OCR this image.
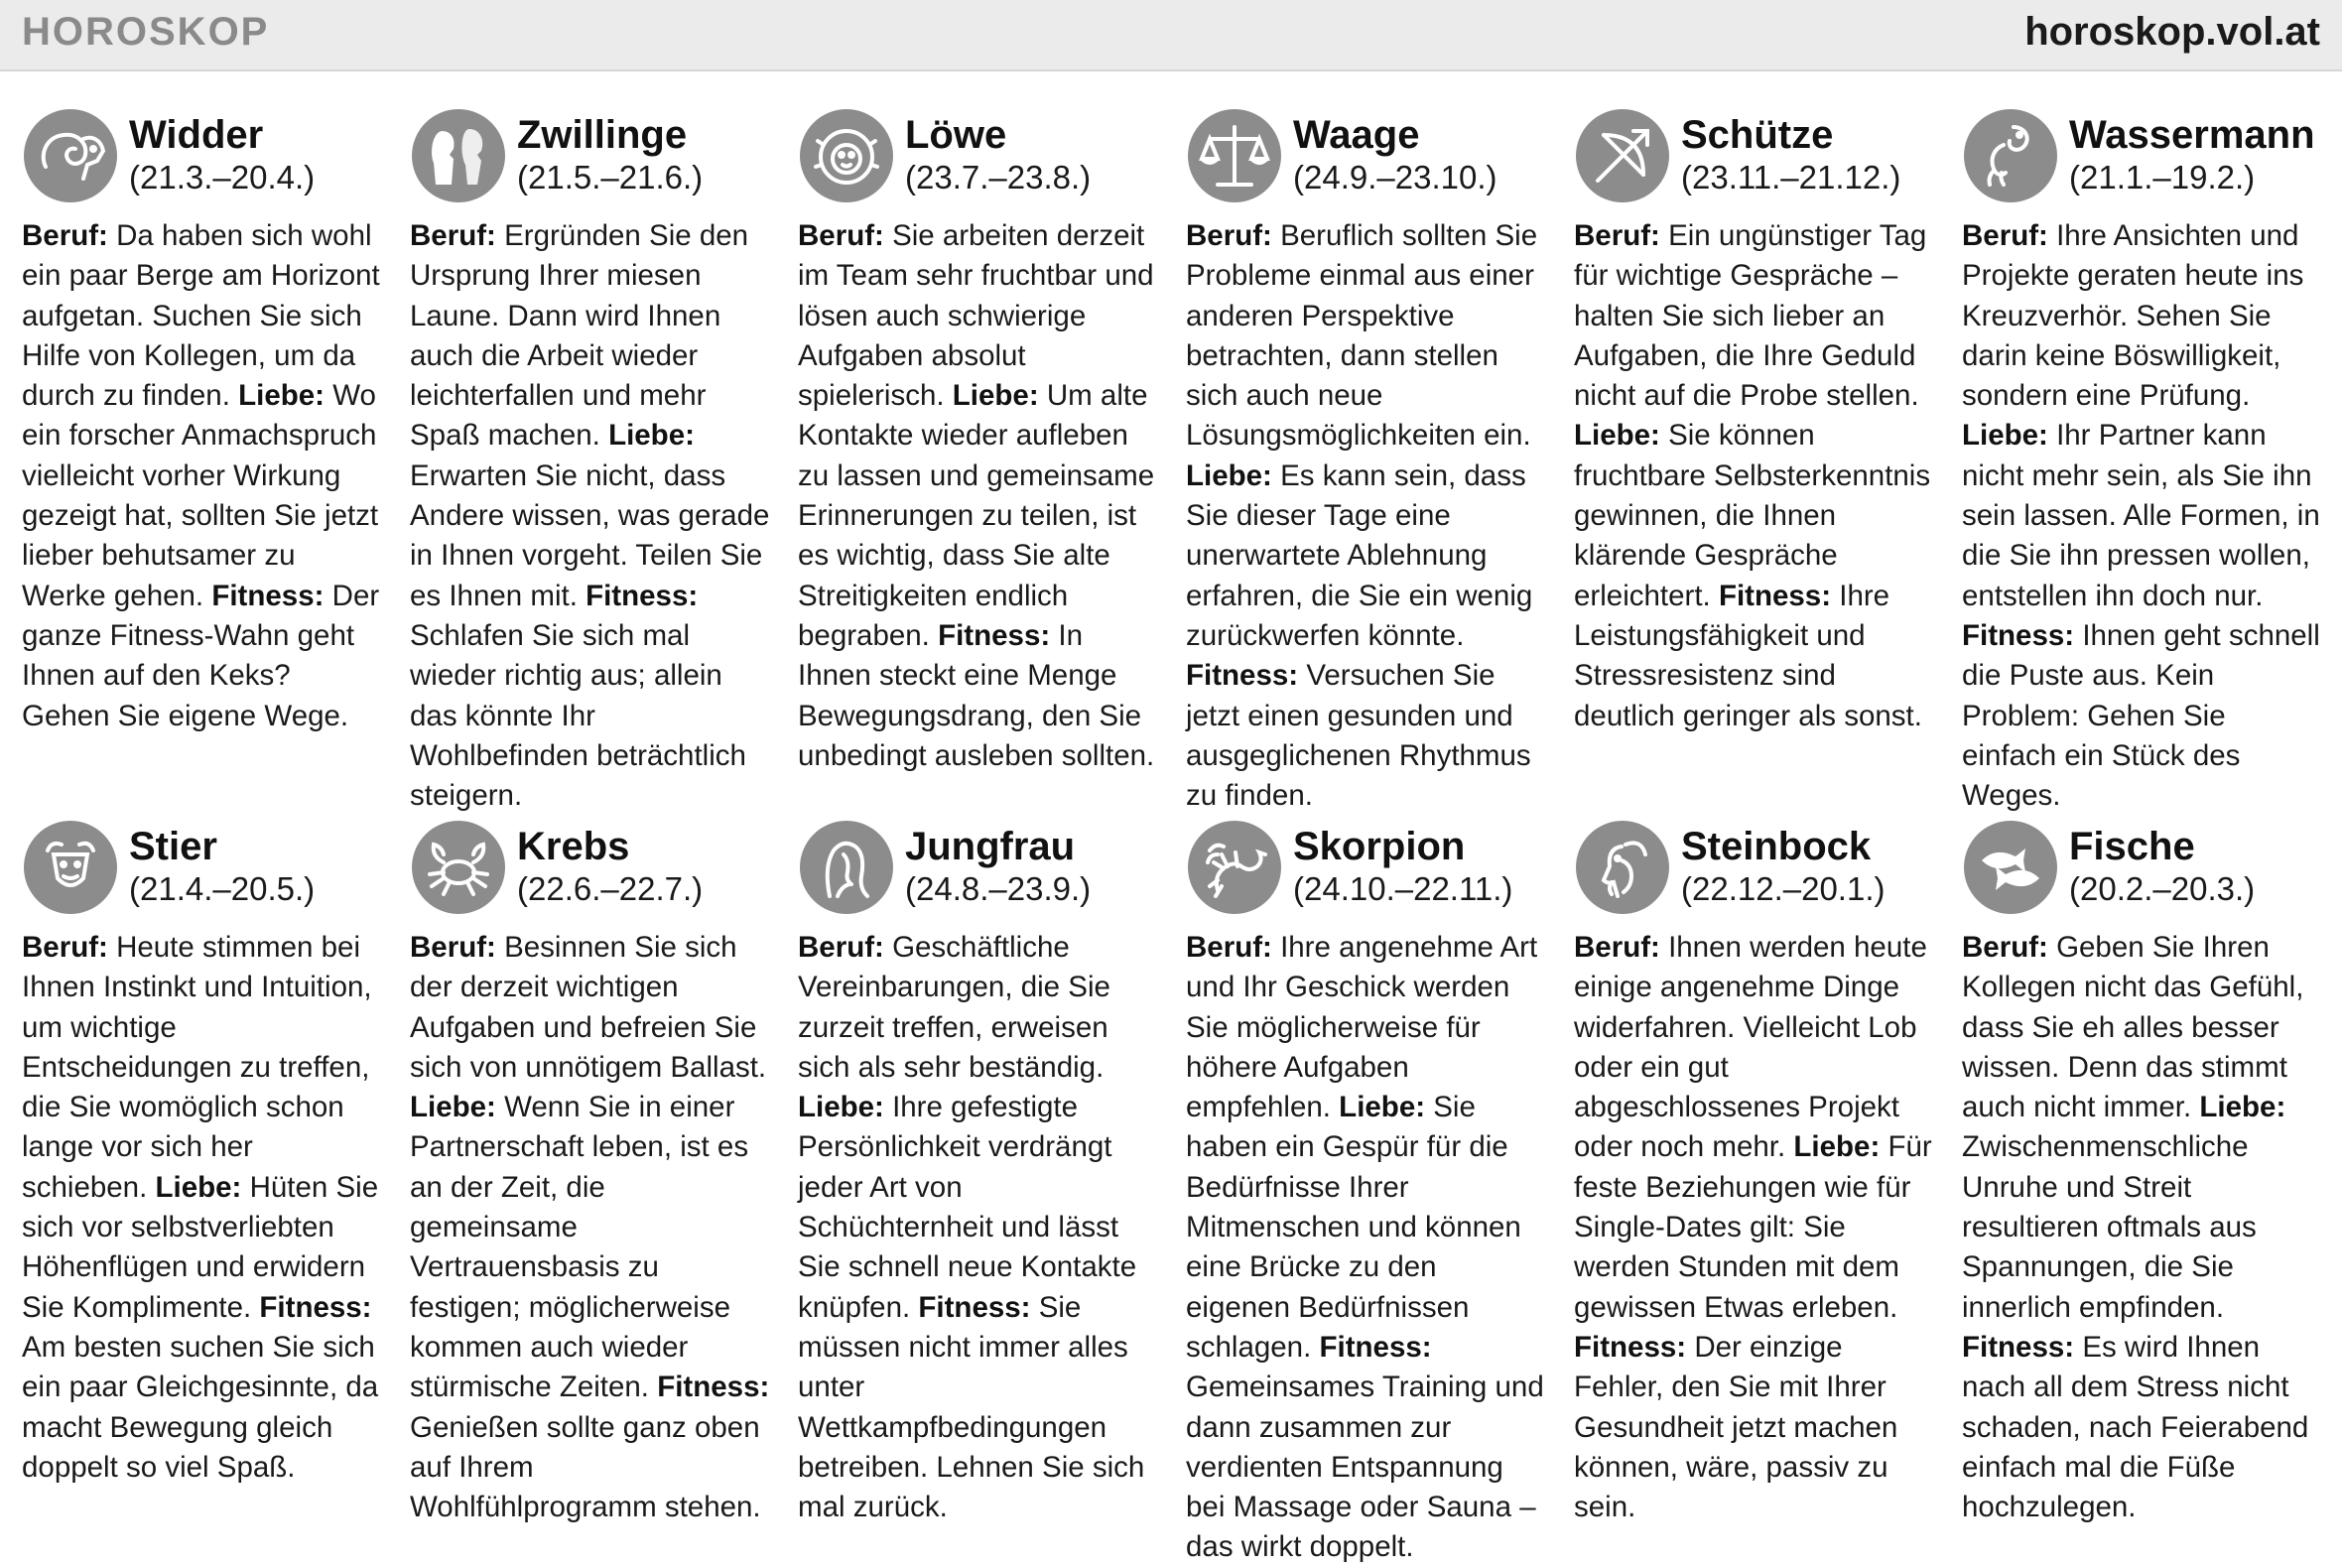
HOROSKOP	horoskop.vol.at
Widder
(21.3.–20.4.)

Beruf: Da haben sich wohl ein paar Berge am Horizont aufgetan. Suchen Sie sich Hilfe von Kollegen, um da durch zu finden. Liebe: Wo ein forscher Anmachspruch vielleicht vorher Wirkung gezeigt hat, sollten Sie jetzt lieber behutsamer zu Werke gehen. Fitness: Der ganze Fitness-Wahn geht Ihnen auf den Keks? Gehen Sie eigene Wege.

Zwillinge
(21.5.–21.6.)

Beruf: Ergründen Sie den Ursprung Ihrer miesen Laune. Dann wird Ihnen auch die Arbeit wieder leichterfallen und mehr Spaß machen. Liebe: Erwarten Sie nicht, dass Andere wissen, was gerade in Ihnen vorgeht. Teilen Sie es Ihnen mit. Fitness: Schlafen Sie sich mal wieder richtig aus; allein das könnte Ihr Wohlbefinden beträchtlich steigern.

Löwe
(23.7.–23.8.)

Beruf: Sie arbeiten derzeit im Team sehr fruchtbar und lösen auch schwierige Aufgaben absolut spielerisch. Liebe: Um alte Kontakte wieder aufleben zu lassen und gemeinsame Erinnerungen zu teilen, ist es wichtig, dass Sie alte Streitigkeiten endlich begraben. Fitness: In Ihnen steckt eine Menge Bewegungsdrang, den Sie unbedingt ausleben sollten.

Waage
(24.9.–23.10.)

Beruf: Beruflich sollten Sie Probleme einmal aus einer anderen Perspektive betrachten, dann stellen sich auch neue Lösungsmöglichkeiten ein. Liebe: Es kann sein, dass Sie dieser Tage eine unerwartete Ablehnung erfahren, die Sie ein wenig zurückwerfen könnte. Fitness: Versuchen Sie jetzt einen gesunden und ausgeglichenen Rhythmus zu finden.

Schütze
(23.11.–21.12.)

Beruf: Ein ungünstiger Tag für wichtige Gespräche – halten Sie sich lieber an Aufgaben, die Ihre Geduld nicht auf die Probe stellen. Liebe: Sie können fruchtbare Selbsterkenntnis gewinnen, die Ihnen klärende Gespräche erleichtert. Fitness: Ihre Leistungsfähigkeit und Stressresistenz sind deutlich geringer als sonst.

Wassermann
(21.1.–19.2.)

Beruf: Ihre Ansichten und Projekte geraten heute ins Kreuzverhör. Sehen Sie darin keine Böswilligkeit, sondern eine Prüfung. Liebe: Ihr Partner kann nicht mehr sein, als Sie ihn sein lassen. Alle Formen, in die Sie ihn pressen wollen, entstellen ihn doch nur. Fitness: Ihnen geht schnell die Puste aus. Kein Problem: Gehen Sie einfach ein Stück des Weges.

Stier
(21.4.–20.5.)

Beruf: Heute stimmen bei Ihnen Instinkt und Intuition, um wichtige Entscheidungen zu treffen, die Sie womöglich schon lange vor sich her schieben. Liebe: Hüten Sie sich vor selbstverliebten Höhenflügen und erwidern Sie Komplimente. Fitness: Am besten suchen Sie sich ein paar Gleichgesinnte, da macht Bewegung gleich doppelt so viel Spaß.

Krebs
(22.6.–22.7.)

Beruf: Besinnen Sie sich der derzeit wichtigen Aufgaben und befreien Sie sich von unnötigem Ballast. Liebe: Wenn Sie in einer Partnerschaft leben, ist es an der Zeit, die gemeinsame Vertrauensbasis zu festigen; möglicherweise kommen auch wieder stürmische Zeiten. Fitness: Genießen sollte ganz oben auf Ihrem Wohlfühlprogramm stehen.

Jungfrau
(24.8.–23.9.)

Beruf: Geschäftliche Vereinbarungen, die Sie zurzeit treffen, erweisen sich als sehr beständig. Liebe: Ihre gefestigte Persönlichkeit verdrängt jeder Art von Schüchternheit und lässt Sie schnell neue Kontakte knüpfen. Fitness: Sie müssen nicht immer alles unter Wettkampfbedingungen betreiben. Lehnen Sie sich mal zurück.

Skorpion
(24.10.–22.11.)

Beruf: Ihre angenehme Art und Ihr Geschick werden Sie möglicherweise für höhere Aufgaben empfehlen. Liebe: Sie haben ein Gespür für die Bedürfnisse Ihrer Mitmenschen und können eine Brücke zu den eigenen Bedürfnissen schlagen. Fitness: Gemeinsames Training und dann zusammen zur verdienten Entspannung bei Massage oder Sauna – das wirkt doppelt.

Steinbock
(22.12.–20.1.)

Beruf: Ihnen werden heute einige angenehme Dinge widerfahren. Vielleicht Lob oder ein gut abgeschlossenes Projekt oder noch mehr. Liebe: Für feste Beziehungen wie für Single-Dates gilt: Sie werden Stunden mit dem gewissen Etwas erleben. Fitness: Der einzige Fehler, den Sie mit Ihrer Gesundheit jetzt machen können, wäre, passiv zu sein.

Fische
(20.2.–20.3.)

Beruf: Geben Sie Ihren Kollegen nicht das Gefühl, dass Sie eh alles besser wissen. Denn das stimmt auch nicht immer. Liebe: Zwischenmenschliche Unruhe und Streit resultieren oftmals aus Spannungen, die Sie innerlich empfinden. Fitness: Es wird Ihnen nach all dem Stress nicht schaden, nach Feierabend einfach mal die Füße hochzulegen.
